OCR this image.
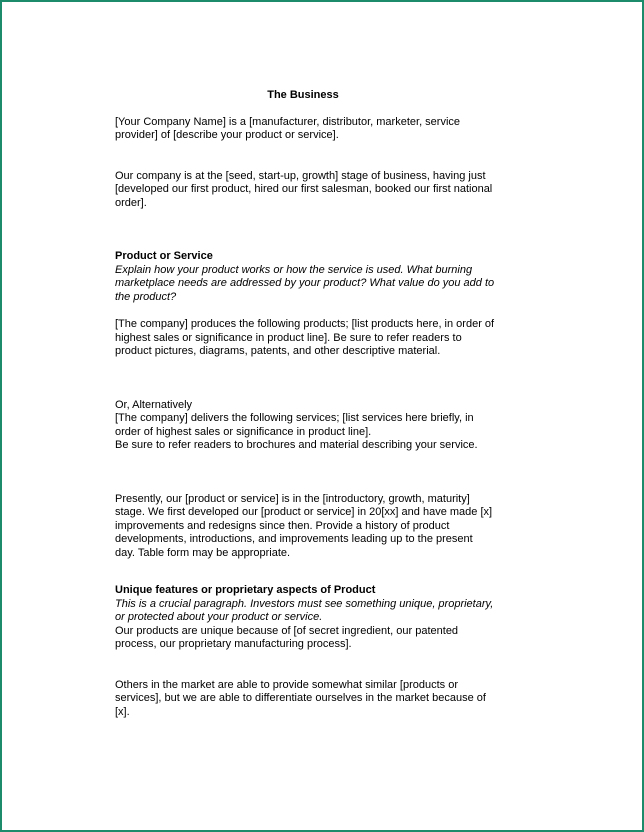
The Business

[Your Company Name] is a [manufacturer, distributor, marketer, service provider] of [describe your product or service].

Our company is at the [seed, start-up, growth] stage of business, having just [developed our first product, hired our first salesman, booked our first national order].

Product or Service

Explain how your product works or how the service is used. What burning marketplace needs are addressed by your product? What value do you add to the product?

[The company] produces the following products; [list products here, in order of highest sales or significance in product line]. Be sure to refer readers to product pictures, diagrams, patents, and other descriptive material.

Or, Alternatively

[The company] delivers the following services; [list services here briefly, in order of highest sales or significance in product line].

Be sure to refer readers to brochures and material describing your service.

Presently, our [product or service] is in the [introductory, growth, maturity] stage. We first developed our [product or service] in 20[xx] and have made [x] improvements and redesigns since then. Provide a history of product developments, introductions, and improvements leading up to the present day. Table form may be appropriate.

Unique features or proprietary aspects of Product

This is a crucial paragraph. Investors must see something unique, proprietary, or protected about your product or service.

Our products are unique because of [of secret ingredient, our patented process, our proprietary manufacturing process].

Others in the market are able to provide somewhat similar [products or services], but we are able to differentiate ourselves in the market because of [x].
